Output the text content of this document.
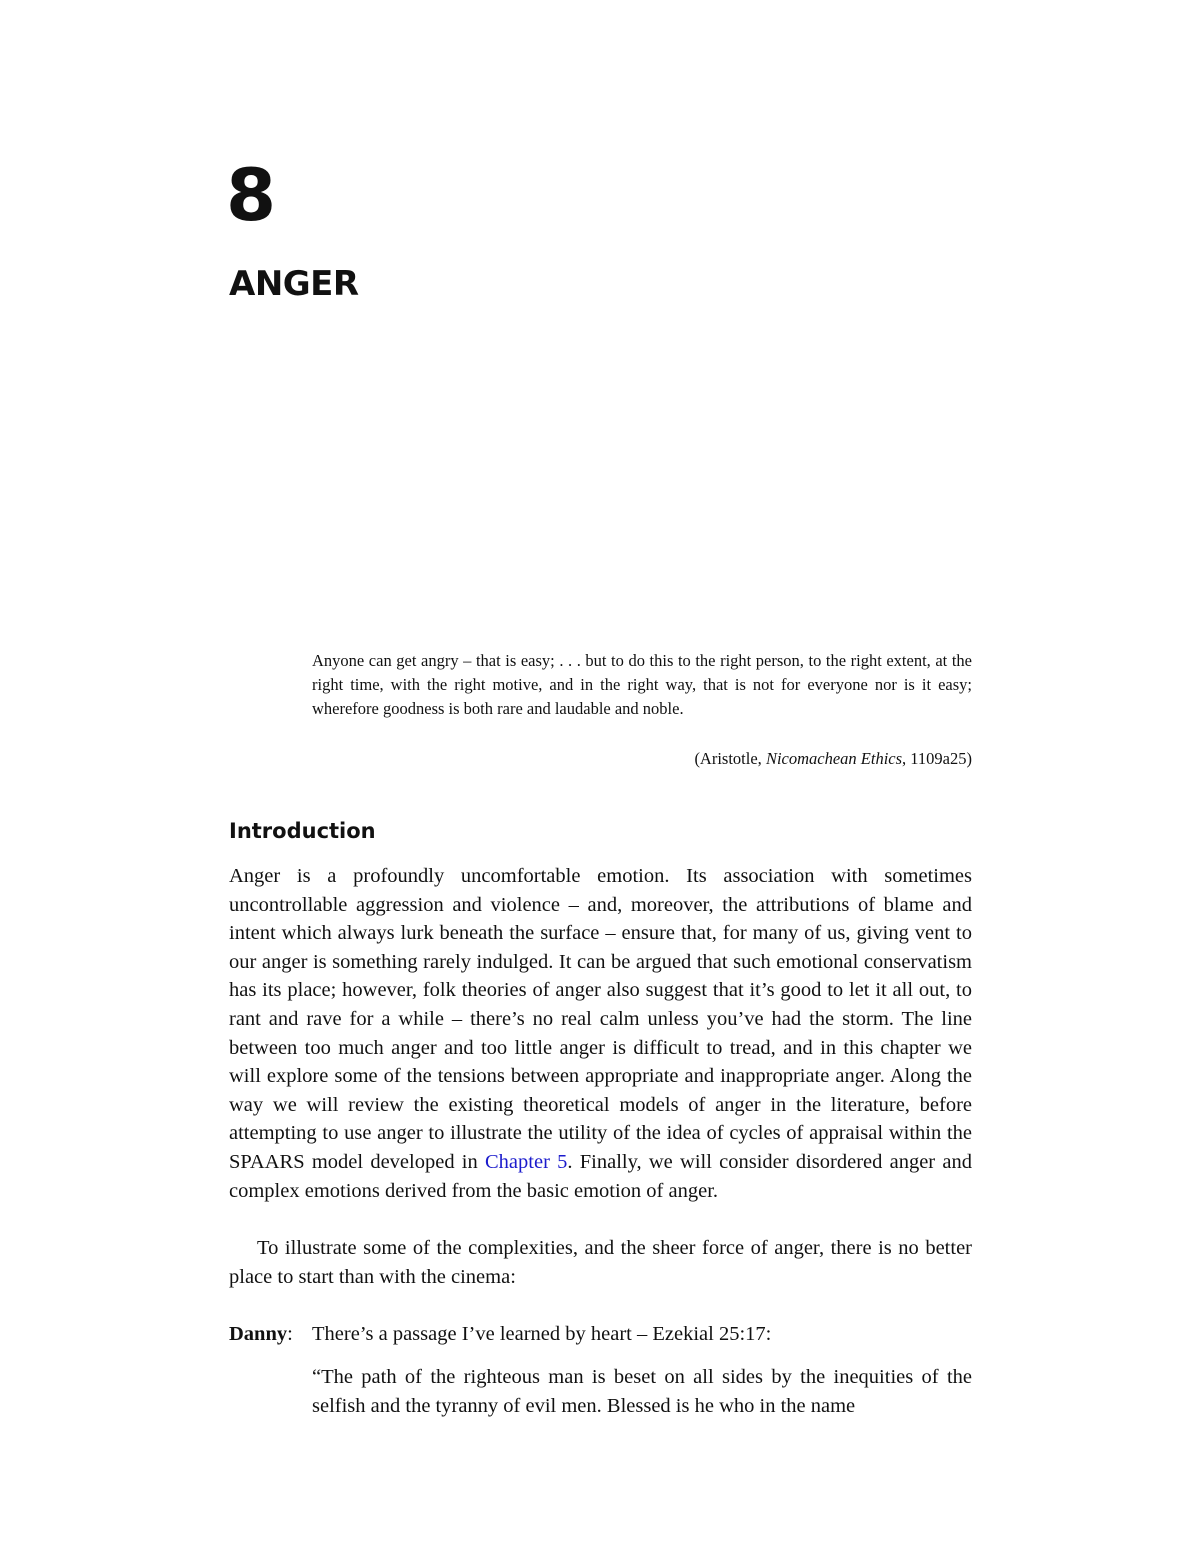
8
ANGER

Anyone can get angry – that is easy; . . . but to do this to the right person, to the right extent, at the right time, with the right motive, and in the right way, that is not for everyone nor is it easy; wherefore goodness is both rare and laudable and noble.

(Aristotle, Nicomachean Ethics, 1109a25)

Introduction

Anger is a profoundly uncomfortable emotion. Its association with sometimes uncontrollable aggression and violence – and, moreover, the attributions of blame and intent which always lurk beneath the surface – ensure that, for many of us, giving vent to our anger is something rarely indulged. It can be argued that such emotional conservatism has its place; however, folk theories of anger also suggest that it’s good to let it all out, to rant and rave for a while – there’s no real calm unless you’ve had the storm. The line between too much anger and too little anger is difficult to tread, and in this chapter we will explore some of the tensions between appropriate and inappropriate anger. Along the way we will review the existing theoretical models of anger in the literature, before attempting to use anger to illustrate the utility of the idea of cycles of appraisal within the SPAARS model developed in Chapter 5. Finally, we will consider disordered anger and complex emotions derived from the basic emotion of anger.

To illustrate some of the complexities, and the sheer force of anger, there is no better place to start than with the cinema:

Danny: There’s a passage I’ve learned by heart – Ezekial 25:17:

“The path of the righteous man is beset on all sides by the inequities of the selfish and the tyranny of evil men. Blessed is he who in the name
